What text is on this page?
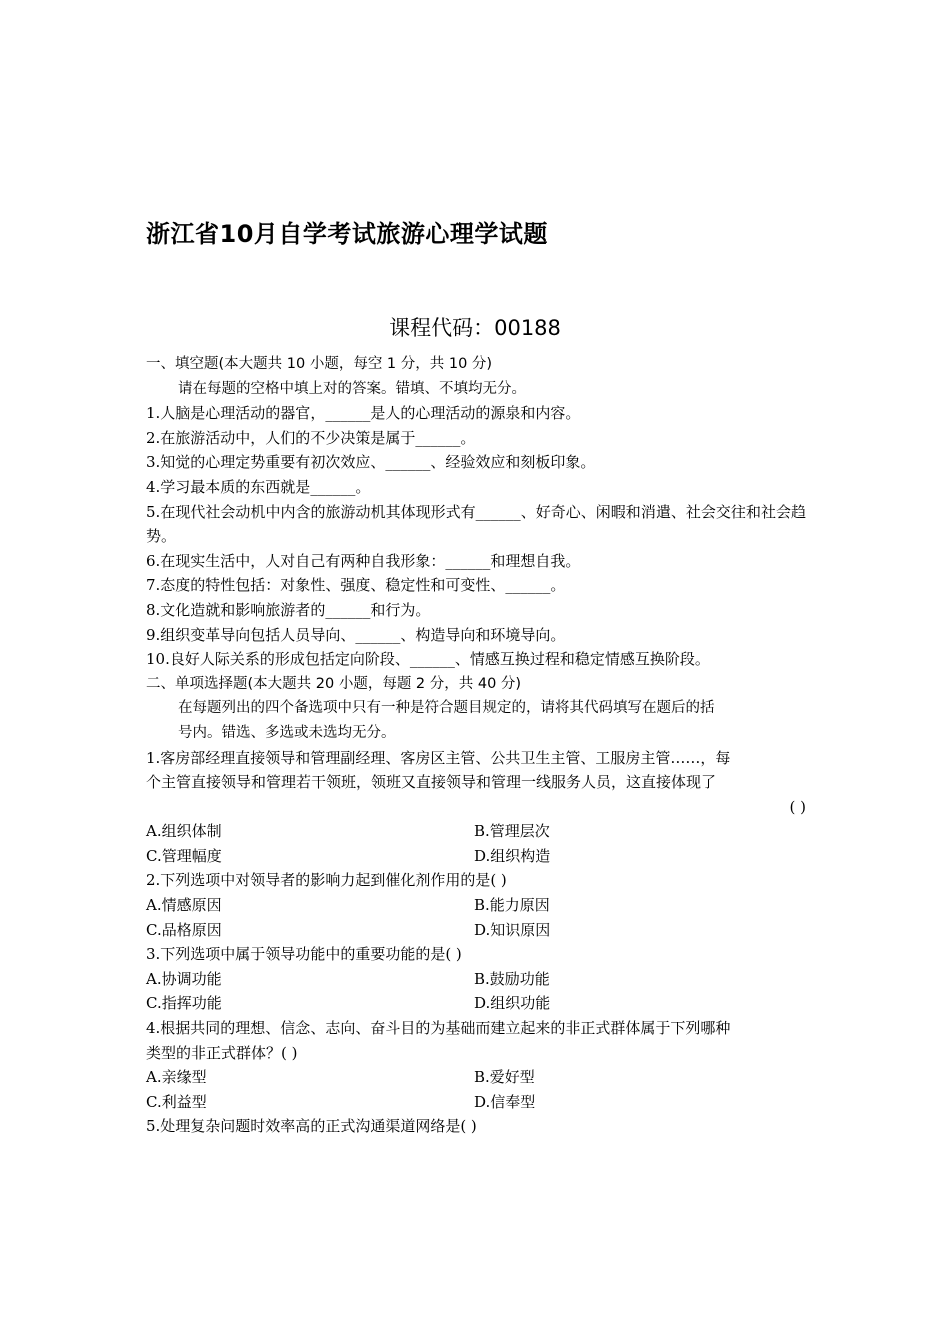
浙江省10月自学考试旅游心理学试题
课程代码：00188
一、填空题(本大题共 10 小题，每空 1 分，共 10 分)
请在每题的空格中填上对的答案。错填、不填均无分。
1.人脑是心理活动的器官，______是人的心理活动的源泉和内容。
2.在旅游活动中，人们的不少决策是属于______。
3.知觉的心理定势重要有初次效应、______、经验效应和刻板印象。
4.学习最本质的东西就是______。
5.在现代社会动机中内含的旅游动机其体现形式有______、好奇心、闲暇和消遣、社会交往和社会趋势。
6.在现实生活中，人对自己有两种自我形象：______和理想自我。
7.态度的特性包括：对象性、强度、稳定性和可变性、______。
8.文化造就和影响旅游者的______和行为。
9.组织变革导向包括人员导向、______、构造导向和环境导向。
10.良好人际关系的形成包括定向阶段、______、情感互换过程和稳定情感互换阶段。
二、单项选择题(本大题共 20 小题，每题 2 分，共 40 分)
在每题列出的四个备选项中只有一种是符合题目规定的，请将其代码填写在题后的括
号内。错选、多选或未选均无分。
1.客房部经理直接领导和管理副经理、客房区主管、公共卫生主管、工服房主管……，每
个主管直接领导和管理若干领班，领班又直接领导和管理一线服务人员，这直接体现了
( )
A.组织体制	B.管理层次
C.管理幅度	D.组织构造
2.下列选项中对领导者的影响力起到催化剂作用的是( )
A.情感原因	B.能力原因
C.品格原因	D.知识原因
3.下列选项中属于领导功能中的重要功能的是( )
A.协调功能	B.鼓励功能
C.指挥功能	D.组织功能
4.根据共同的理想、信念、志向、奋斗目的为基础而建立起来的非正式群体属于下列哪种
类型的非正式群体？( )
A.亲缘型	B.爱好型
C.利益型	D.信奉型
5.处理复杂问题时效率高的正式沟通渠道网络是( )
